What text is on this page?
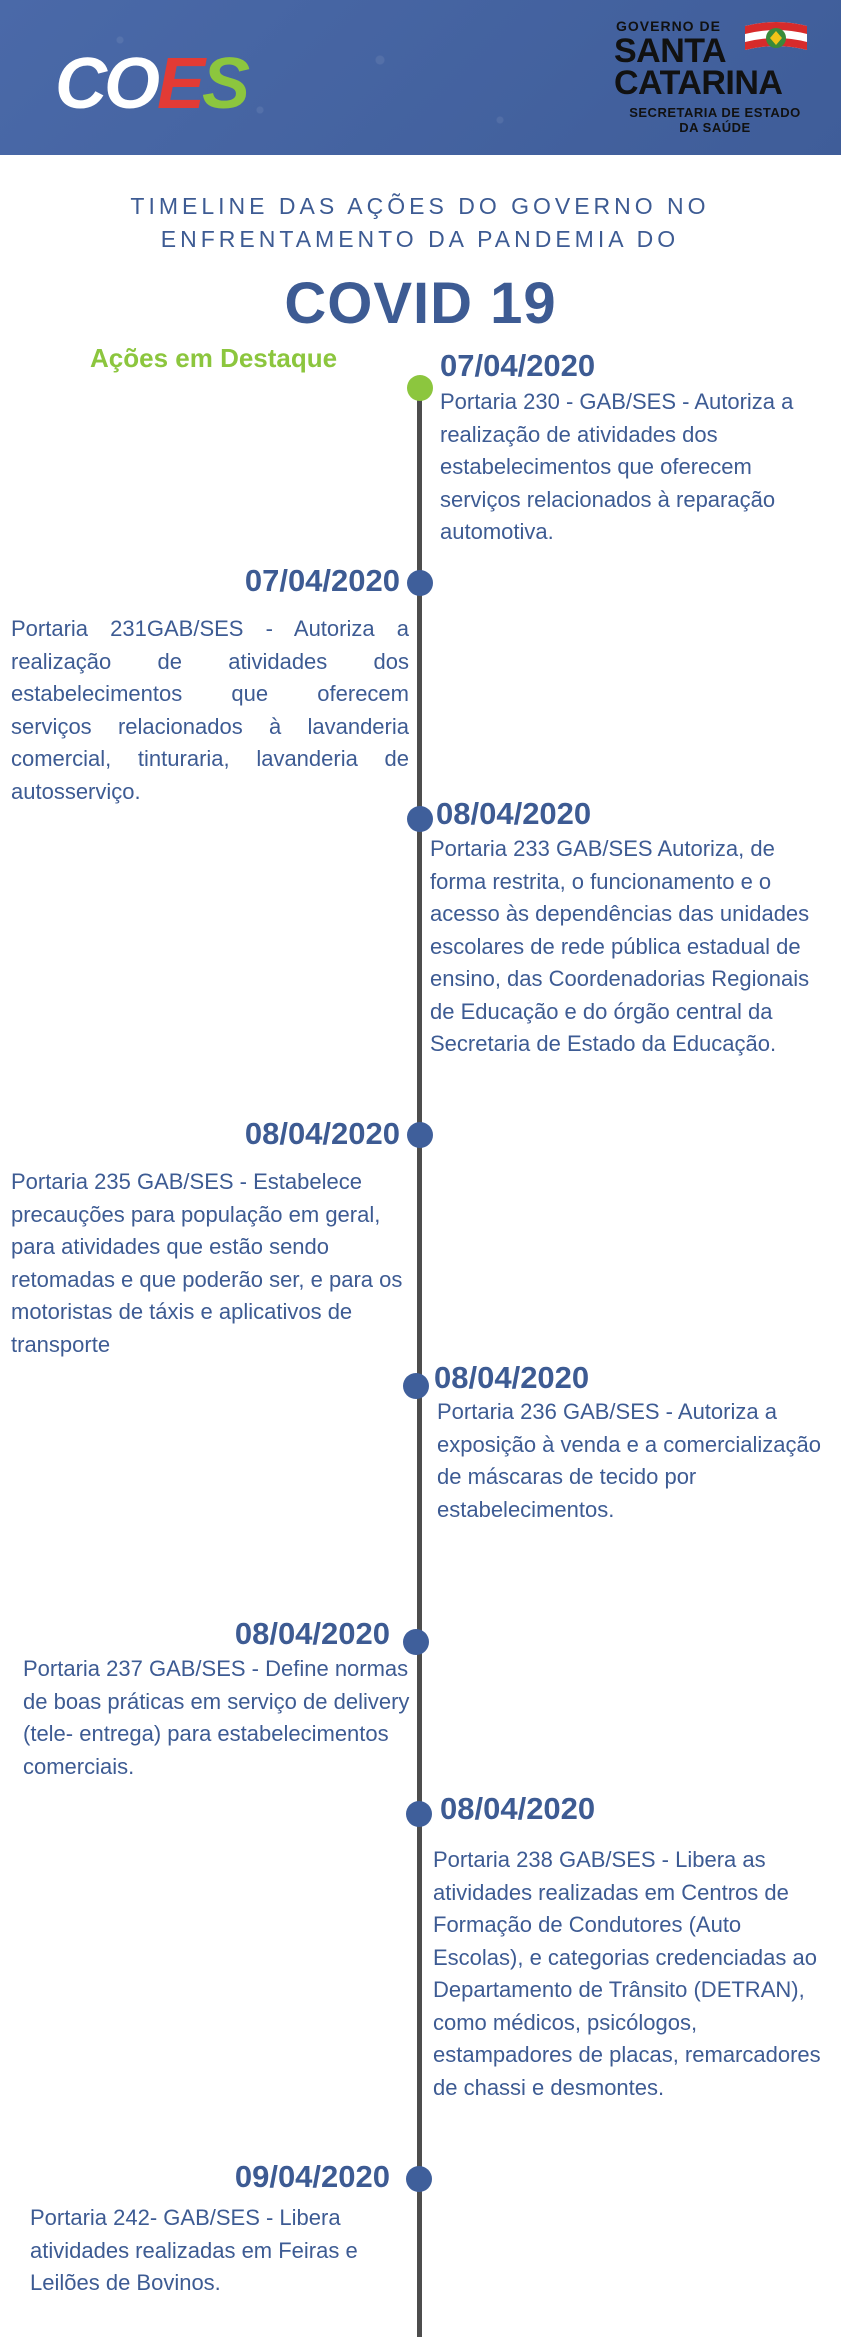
COES
GOVERNO DE
SANTA
CATARINA
SECRETARIA DE ESTADO
DA SAÚDE
TIMELINE DAS AÇÕES DO GOVERNO NO
ENFRENTAMENTO DA PANDEMIA DO
COVID 19
Ações em Destaque	07/04/2020
Portaria 230 - GAB/SES - Autoriza a realização de atividades dos estabelecimentos que oferecem serviços relacionados à reparação automotiva.
07/04/2020
Portaria 231GAB/SES - Autoriza a realização de atividades dos estabelecimentos que oferecem serviços relacionados à lavanderia comercial, tinturaria, lavanderia de autosserviço.
08/04/2020
Portaria 233 GAB/SES Autoriza, de forma restrita, o funcionamento e o acesso às dependências das unidades escolares de rede pública estadual de ensino, das Coordenadorias Regionais de Educação e do órgão central da Secretaria de Estado da Educação.
08/04/2020
Portaria 235 GAB/SES - Estabelece precauções para população em geral, para atividades que estão sendo retomadas e que poderão ser, e para os motoristas de táxis e aplicativos de transporte
08/04/2020
Portaria 236 GAB/SES - Autoriza a exposição à venda e a comercialização de máscaras de tecido por estabelecimentos.
08/04/2020
Portaria 237 GAB/SES - Define normas de boas práticas em serviço de delivery (tele- entrega) para estabelecimentos comerciais.
08/04/2020
Portaria 238 GAB/SES - Libera as atividades realizadas em Centros de Formação de Condutores (Auto Escolas), e categorias credenciadas ao Departamento de Trânsito (DETRAN), como médicos, psicólogos, estampadores de placas, remarcadores de chassi e desmontes.
09/04/2020
Portaria 242- GAB/SES - Libera atividades realizadas em Feiras e Leilões de Bovinos.
